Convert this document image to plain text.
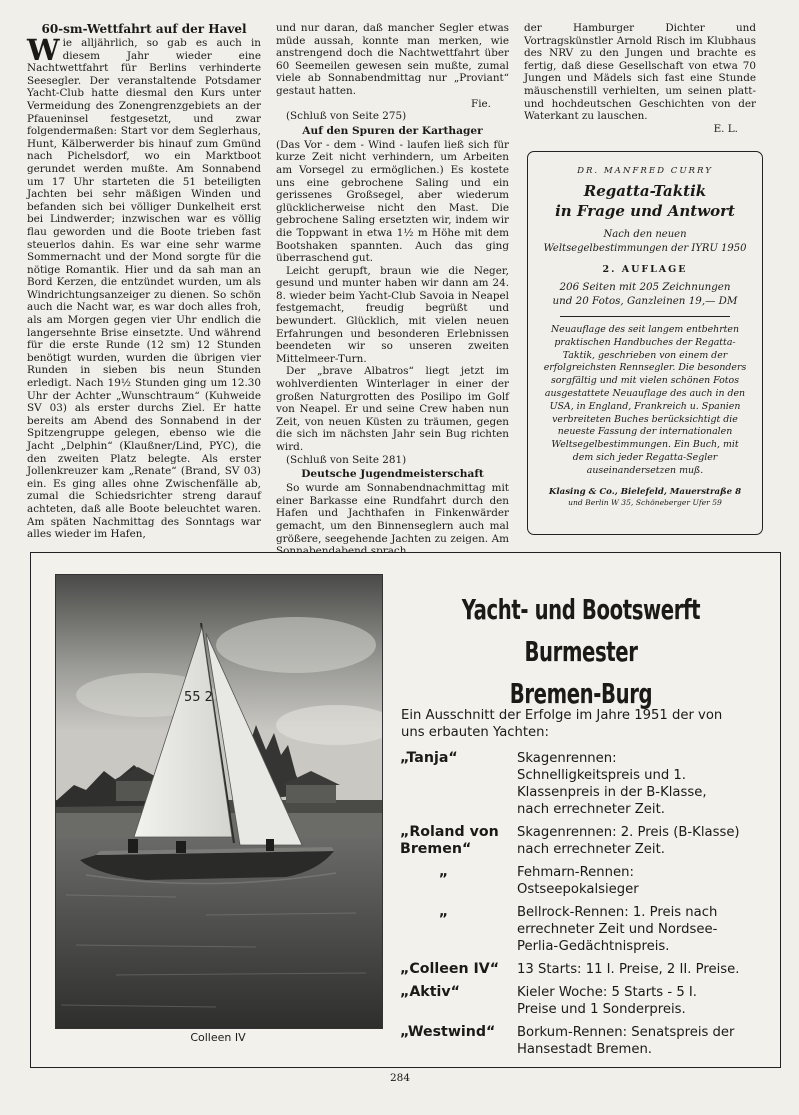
60-sm-Wettfahrt auf der Havel

Wie alljährlich, so gab es auch in diesem Jahr wieder eine Nachtwettfahrt für Berlins verhinderte Seesegler. Der veranstaltende Potsdamer Yacht-Club hatte diesmal den Kurs unter Vermeidung des Zonengrenzgebiets an der Pfaueninsel festgesetzt, und zwar folgendermaßen: Start vor dem Seglerhaus, Hunt, Kälberwerder bis hinauf zum Gmünd nach Pichelsdorf, wo ein Marktboot gerundet werden mußte. Am Sonnabend um 17 Uhr starteten die 51 beteiligten Jachten bei sehr mäßigen Winden und befanden sich bei völliger Dunkelheit erst bei Lindwerder; inzwischen war es völlig flau geworden und die Boote trieben fast steuerlos dahin. Es war eine sehr warme Sommernacht und der Mond sorgte für die nötige Romantik. Hier und da sah man an Bord Kerzen, die entzündet wurden, um als Windrichtungsanzeiger zu dienen. So schön auch die Nacht war, es war doch alles froh, als am Morgen gegen vier Uhr endlich die langersehnte Brise einsetzte. Und während für die erste Runde (12 sm) 12 Stunden benötigt wurden, wurden die übrigen vier Runden in sieben bis neun Stunden erledigt. Nach 19½ Stunden ging um 12.30 Uhr der Achter „Wunschtraum“ (Kuhweide SV 03) als erster durchs Ziel. Er hatte bereits am Abend des Sonnabend in der Spitzengruppe gelegen, ebenso wie die Jacht „Delphin“ (Klaußner/Lind, PYC), die den zweiten Platz belegte. Als erster Jollenkreuzer kam „Renate“ (Brand, SV 03) ein. Es ging alles ohne Zwischenfälle ab, zumal die Schiedsrichter streng darauf achteten, daß alle Boote beleuchtet waren. Am späten Nachmittag des Sonntags war alles wieder im Hafen,

und nur daran, daß mancher Segler etwas müde aussah, konnte man merken, wie anstrengend doch die Nachtwettfahrt über 60 Seemeilen gewesen sein mußte, zumal viele ab Sonnabendmittag nur „Proviant“ gestaut hatten.

Fie.

(Schluß von Seite 275)

Auf den Spuren der Karthager

(Das Vor - dem - Wind - laufen ließ sich für kurze Zeit nicht verhindern, um Arbeiten am Vorsegel zu ermöglichen.) Es kostete uns eine gebrochene Saling und ein gerissenes Großsegel, aber wiederum glücklicherweise nicht den Mast. Die gebrochene Saling ersetzten wir, indem wir die Toppwant in etwa 1½ m Höhe mit dem Bootshaken spannten. Auch das ging überraschend gut.

Leicht gerupft, braun wie die Neger, gesund und munter haben wir dann am 24. 8. wieder beim Yacht-Club Savoia in Neapel festgemacht, freudig begrüßt und bewundert. Glücklich, mit vielen neuen Erfahrungen und besonderen Erlebnissen beendeten wir so unseren zweiten Mittelmeer-Turn.

Der „brave Albatros“ liegt jetzt im wohlverdienten Winterlager in einer der großen Naturgrotten des Posilipo im Golf von Neapel. Er und seine Crew haben nun Zeit, von neuen Küsten zu träumen, gegen die sich im nächsten Jahr sein Bug richten wird.

(Schluß von Seite 281)

Deutsche Jugendmeisterschaft

So wurde am Sonnabendnachmittag mit einer Barkasse eine Rundfahrt durch den Hafen und Jachthafen in Finkenwärder gemacht, um den Binnenseglern auch mal größere, seegehende Jachten zu zeigen. Am

der Hamburger Dichter und Vortragskünstler Arnold Risch im Klubhaus des NRV zu den Jungen und brachte es fertig, daß diese Gesellschaft von etwa 70 Jungen und Mädels sich fast eine Stunde mäuschenstill verhielten, um seinen platt- und hochdeutschen Geschichten von der Waterkant zu lauschen.

E. L.

DR. MANFRED CURRY

Regatta-Taktik

in Frage und Antwort

Nach den neuen

Weltsegelbestimmungen der IYRU 1950

2. AUFLAGE

206 Seiten mit 205 Zeichnungen

und 20 Fotos, Ganzleinen 19,— DM

Neuauflage des seit langem entbehrten praktischen Handbuches der Regatta-Taktik, geschrieben von einem der erfolgreichsten Rennsegler. Die besonders sorgfältig und mit vielen schönen Fotos ausgestattete Neuauflage des auch in den USA, in England, Frankreich u. Spanien verbreiteten Buches berücksichtigt die neueste Fassung der internationalen Weltsegelbestimmungen. Ein Buch, mit dem sich jeder Regatta-Segler auseinandersetzen muß.

Klasing & Co., Bielefeld, Mauerstraße 8

und Berlin W 35, Schöneberger Ufer 59

55 2
Colleen IV
Yacht- und Bootswerft Burmester
Bremen-Burg
Ein Ausschnitt der Erfolge im Jahre 1951 der von uns erbauten Yachten:
„Tanja“	Skagenrennen: Schnelligkeitspreis und 1. Klassenpreis in der B-Klasse, nach errechneter Zeit.
„Roland von Bremen“
Skagenrennen: 2. Preis (B-Klasse) nach errechneter Zeit.
„	Fehmarn-Rennen: Ostseepokalsieger
„	Bellrock-Rennen: 1. Preis nach errechneter Zeit und Nordsee-Perlia-Gedächtnispreis.
„Colleen IV“	13 Starts: 11 I. Preise, 2 II. Preise.
„Aktiv“	Kieler Woche: 5 Starts - 5 I. Preise und 1 Sonderpreis.
„Westwind“	Borkum-Rennen: Senatspreis der Hansestadt Bremen.
284
